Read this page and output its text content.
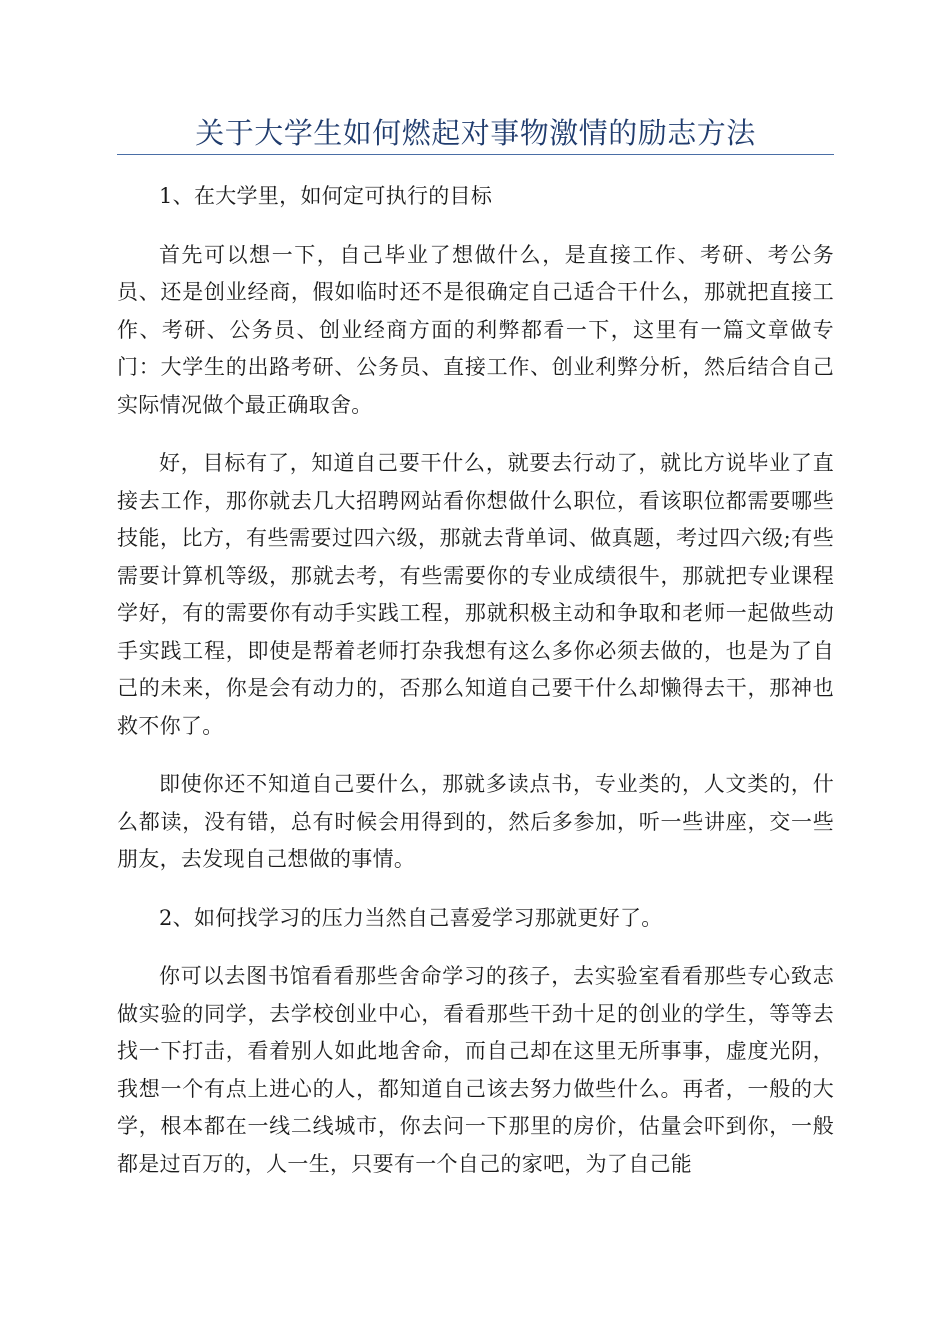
关于大学生如何燃起对事物激情的励志方法

1、在大学里，如何定可执行的目标

首先可以想一下，自己毕业了想做什么，是直接工作、考研、考公务员、还是创业经商，假如临时还不是很确定自己适合干什么，那就把直接工作、考研、公务员、创业经商方面的利弊都看一下，这里有一篇文章做专门：大学生的出路考研、公务员、直接工作、创业利弊分析，然后结合自己实际情况做个最正确取舍。

好，目标有了，知道自己要干什么，就要去行动了，就比方说毕业了直接去工作，那你就去几大招聘网站看你想做什么职位，看该职位都需要哪些技能，比方，有些需要过四六级，那就去背单词、做真题，考过四六级;有些需要计算机等级，那就去考，有些需要你的专业成绩很牛，那就把专业课程学好，有的需要你有动手实践工程，那就积极主动和争取和老师一起做些动手实践工程，即使是帮着老师打杂我想有这么多你必须去做的，也是为了自己的未来，你是会有动力的，否那么知道自己要干什么却懒得去干，那神也救不你了。

即使你还不知道自己要什么，那就多读点书，专业类的，人文类的，什么都读，没有错，总有时候会用得到的，然后多参加，听一些讲座，交一些朋友，去发现自己想做的事情。

2、如何找学习的压力当然自己喜爱学习那就更好了。

你可以去图书馆看看那些舍命学习的孩子，去实验室看看那些专心致志做实验的同学，去学校创业中心，看看那些干劲十足的创业的学生，等等去找一下打击，看着别人如此地舍命，而自己却在这里无所事事，虚度光阴，我想一个有点上进心的人，都知道自己该去努力做些什么。再者，一般的大学，根本都在一线二线城市，你去问一下那里的房价，估量会吓到你，一般都是过百万的，人一生，只要有一个自己的家吧，为了自己能
